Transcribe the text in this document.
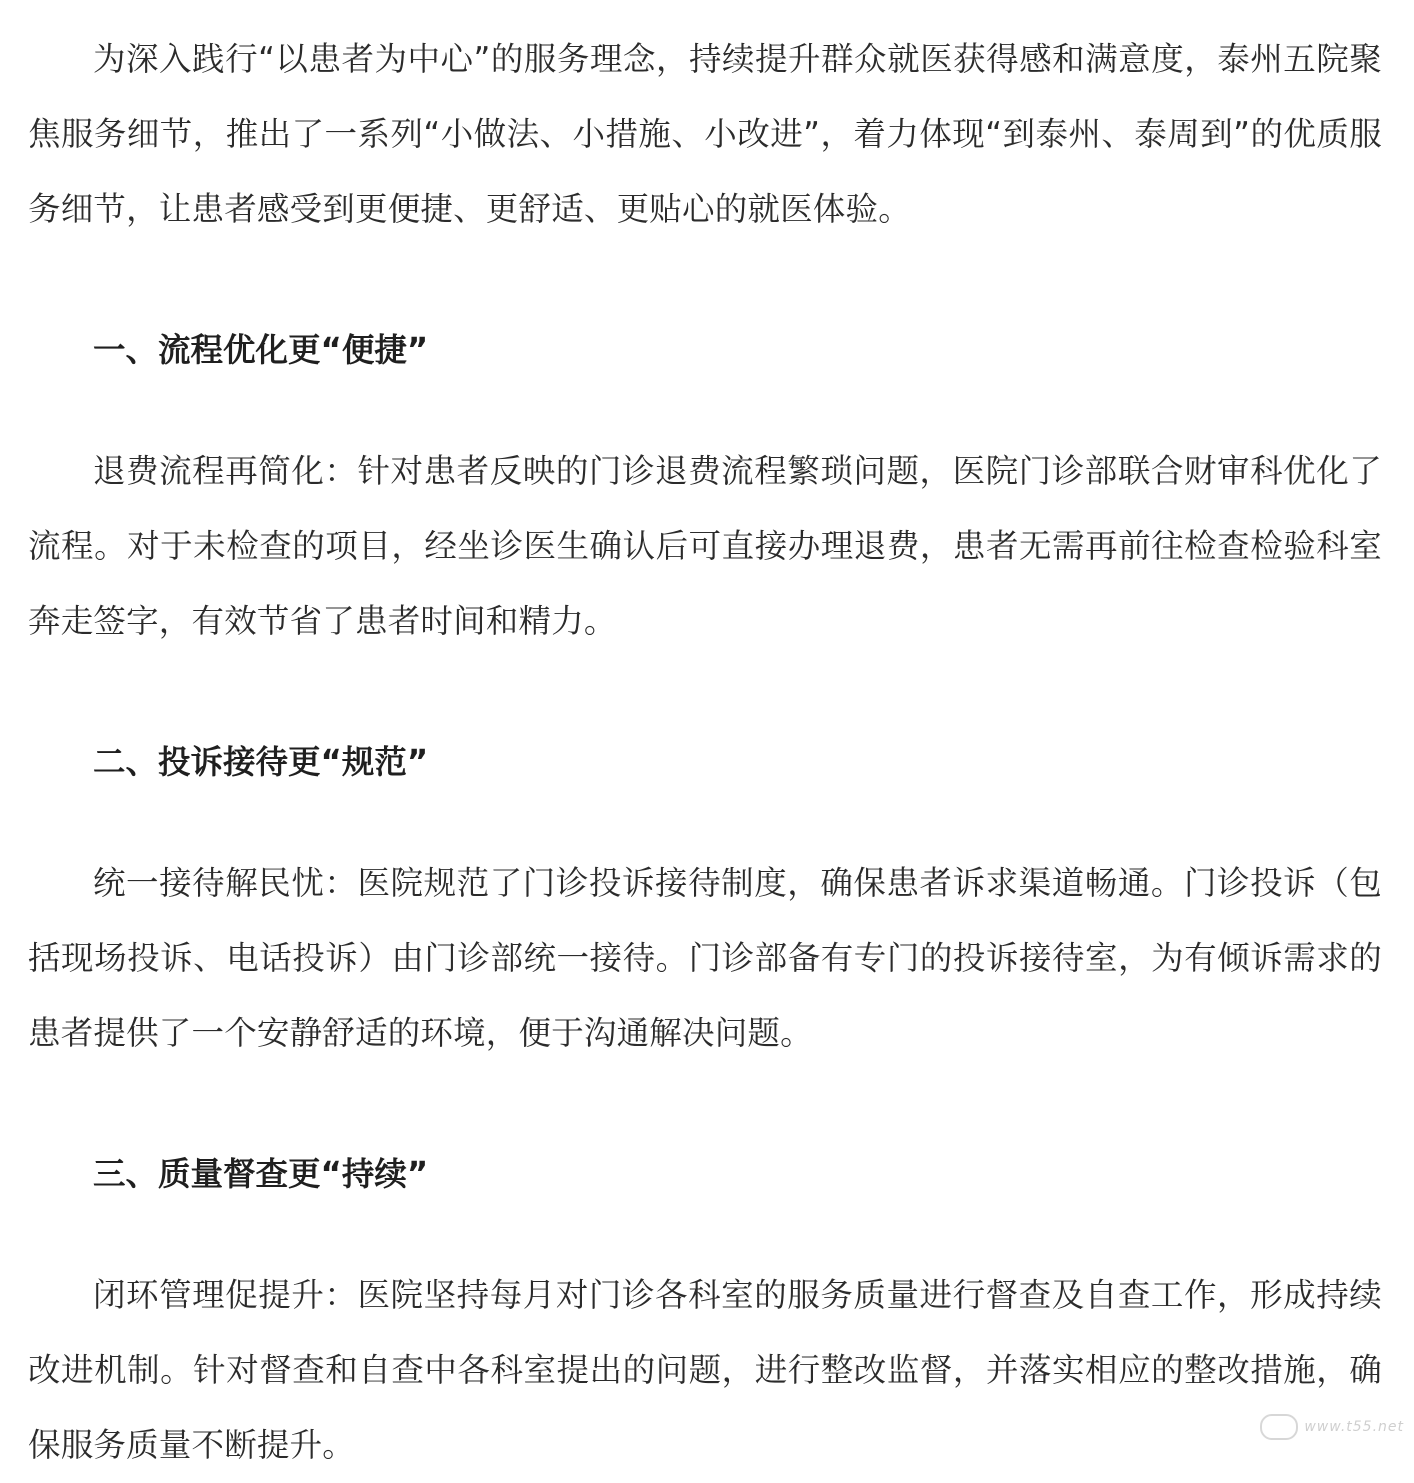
为深入践行“以患者为中心”的服务理念，持续提升群众就医获得感和满意度，泰州五院聚焦服务细节，推出了一系列“小做法、小措施、小改进”，着力体现“到泰州、泰周到”的优质服务细节，让患者感受到更便捷、更舒适、更贴心的就医体验。

一、流程优化更“便捷”

退费流程再简化：针对患者反映的门诊退费流程繁琐问题，医院门诊部联合财审科优化了流程。对于未检查的项目，经坐诊医生确认后可直接办理退费，患者无需再前往检查检验科室奔走签字，有效节省了患者时间和精力。

二、投诉接待更“规范”

统一接待解民忧：医院规范了门诊投诉接待制度，确保患者诉求渠道畅通。门诊投诉（包括现场投诉、电话投诉）由门诊部统一接待。门诊部备有专门的投诉接待室，为有倾诉需求的患者提供了一个安静舒适的环境，便于沟通解决问题。

三、质量督查更“持续”

闭环管理促提升：医院坚持每月对门诊各科室的服务质量进行督查及自查工作，形成持续改进机制。针对督查和自查中各科室提出的问题，进行整改监督，并落实相应的整改措施，确保服务质量不断提升。	www.t55.net
